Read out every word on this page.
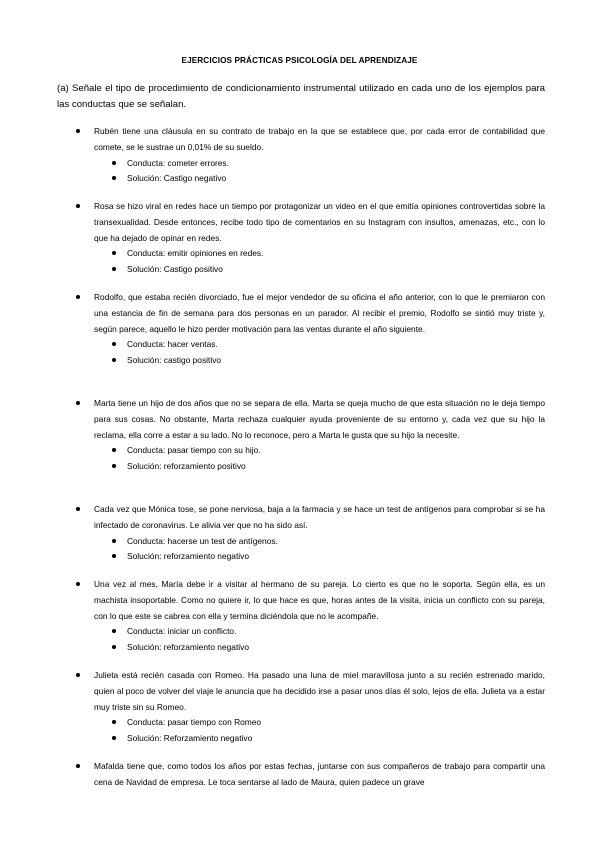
EJERCICIOS PRÁCTICAS PSICOLOGÍA DEL APRENDIZAJE
(a) Señale el tipo de procedimiento de condicionamiento instrumental utilizado en cada uno de los ejemplos para las conductas que se señalan.
Rubén tiene una cláusula en su contrato de trabajo en la que se establece que, por cada error de contabilidad que comete, se le sustrae un 0,01% de su sueldo.
Conducta: cometer errores.
Solución: Castigo negativo
Rosa se hizo viral en redes hace un tiempo por protagonizar un video en el que emitía opiniones controvertidas sobre la transexualidad. Desde entonces, recibe todo tipo de comentarios en su Instagram con insultos, amenazas, etc., con lo que ha dejado de opinar en redes.
Conducta: emitir opiniones en redes.
Solución: Castigo positivo
Rodolfo, que estaba recién divorciado, fue el mejor vendedor de su oficina el año anterior, con lo que le premiaron con una estancia de fin de semana para dos personas en un parador. Al recibir el premio, Rodolfo se sintió muy triste y, según parece, aquello le hizo perder motivación para las ventas durante el año siguiente.
Conducta: hacer ventas.
Solución: castigo positivo
Marta tiene un hijo de dos años que no se separa de ella. Marta se queja mucho de que esta situación no le deja tiempo para sus cosas. No obstante, Marta rechaza cualquier ayuda proveniente de su entorno y, cada vez que su hijo la reclama, ella corre a estar a su lado. No lo reconoce, pero a Marta le gusta que su hijo la necesite.
Conducta: pasar tiempo con su hijo.
Solución: reforzamiento positivo
Cada vez que Mónica tose, se pone nerviosa, baja a la farmacia y se hace un test de antígenos para comprobar si se ha infectado de coronavirus. Le alivia ver que no ha sido así.
Conducta: hacerse un test de antígenos.
Solución: reforzamiento negativo
Una vez al mes, María debe ir a visitar al hermano de su pareja. Lo cierto es que no le soporta. Según ella, es un machista insoportable. Como no quiere ir, lo que hace es que, horas antes de la visita, inicia un conflicto con su pareja, con lo que este se cabrea con ella y termina diciéndola que no le acompañe.
Conducta: iniciar un conflicto.
Solución: reforzamiento negativo
Julieta está recién casada con Romeo. Ha pasado una luna de miel maravillosa junto a su recién estrenado marido, quien al poco de volver del viaje le anuncia que ha decidido irse a pasar unos días él solo, lejos de ella. Julieta va a estar muy triste sin su Romeo.
Conducta: pasar tiempo con Romeo
Solución: Reforzamiento negativo
Mafalda tiene que, como todos los años por estas fechas, juntarse con sus compañeros de trabajo para compartir una cena de Navidad de empresa. Le toca sentarse al lado de Maura, quien padece un grave
